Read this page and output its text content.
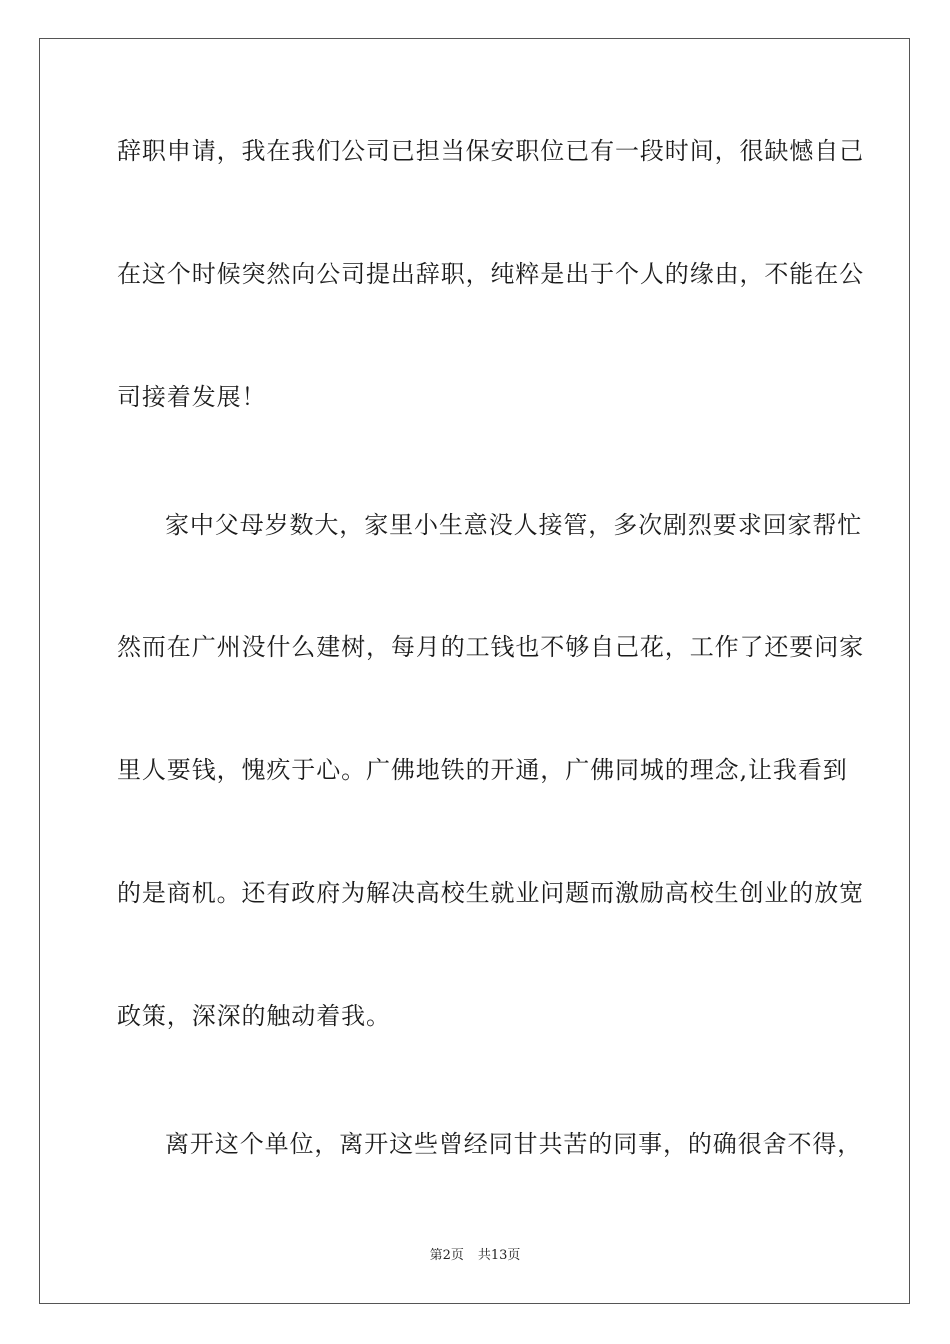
辞职申请，我在我们公司已担当保安职位已有一段时间，很缺憾自己
在这个时候突然向公司提出辞职，纯粹是出于个人的缘由，不能在公
司接着发展！
家中父母岁数大，家里小生意没人接管，多次剧烈要求回家帮忙
然而在广州没什么建树，每月的工钱也不够自己花，工作了还要问家
里人要钱，愧疚于心。广佛地铁的开通，广佛同城的理念,让我看到
的是商机。还有政府为解决高校生就业问题而激励高校生创业的放宽
政策，深深的触动着我。
离开这个单位，离开这些曾经同甘共苦的同事，的确很舍不得，
第2页 共13页
